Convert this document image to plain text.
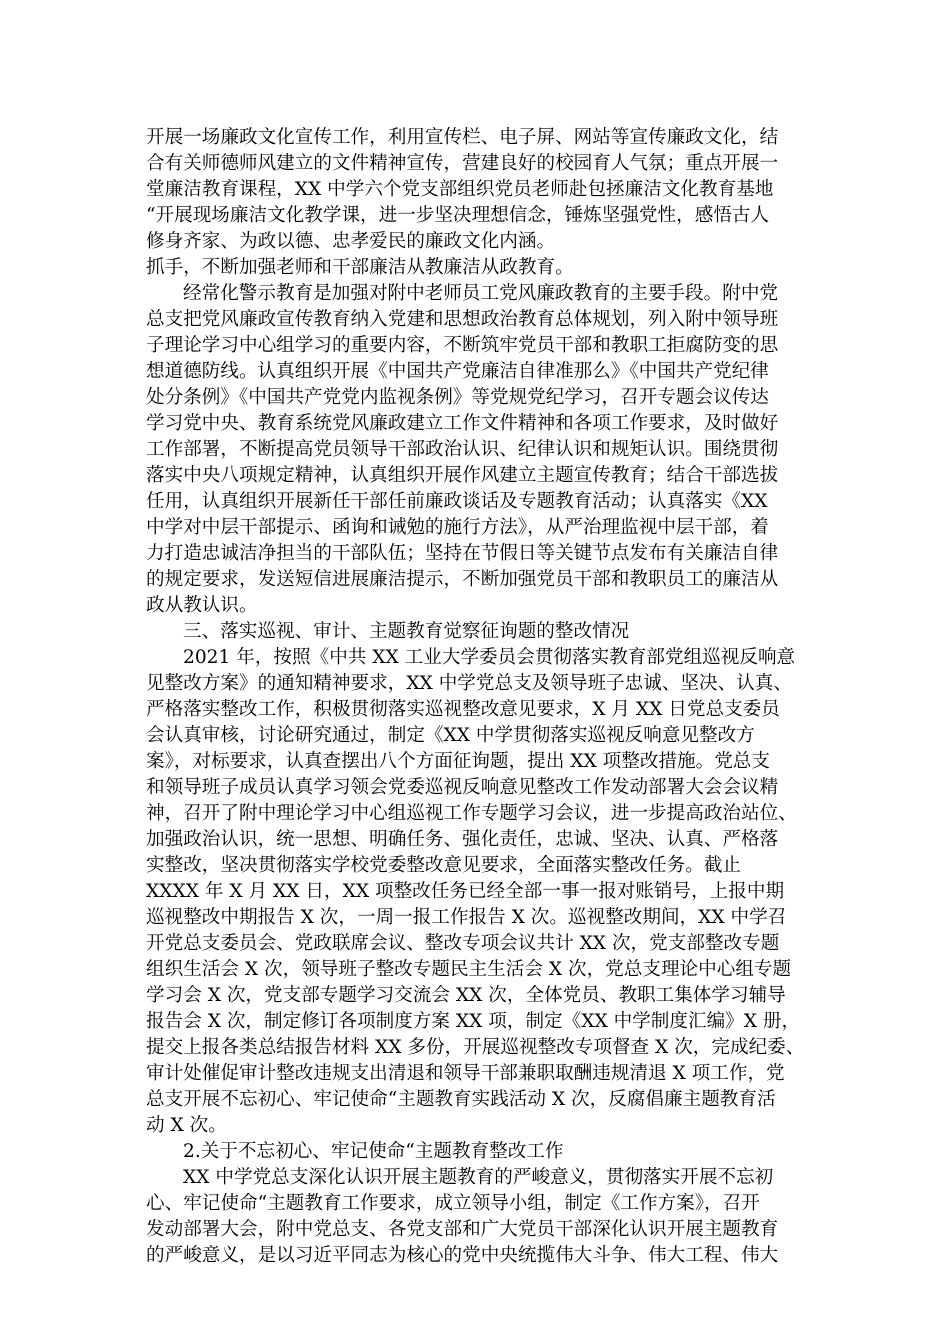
开展一场廉政文化宣传工作，利用宣传栏、电子屏、网站等宣传廉政文化，结
合有关师德师风建立的文件精神宣传，营建良好的校园育人气氛；重点开展一
堂廉洁教育课程，XX 中学六个党支部组织党员老师赴包拯廉洁文化教育基地
“开展现场廉洁文化教学课，进一步坚决理想信念，锤炼坚强党性，感悟古人
修身齐家、为政以德、忠孝爱民的廉政文化内涵。
抓手，不断加强老师和干部廉洁从教廉洁从政教育。
经常化警示教育是加强对附中老师员工党风廉政教育的主要手段。附中党
总支把党风廉政宣传教育纳入党建和思想政治教育总体规划，列入附中领导班
子理论学习中心组学习的重要内容，不断筑牢党员干部和教职工拒腐防变的思
想道德防线。认真组织开展《中国共产党廉洁自律准那么》《中国共产党纪律
处分条例》《中国共产党党内监视条例》等党规党纪学习，召开专题会议传达
学习党中央、教育系统党风廉政建立工作文件精神和各项工作要求，及时做好
工作部署，不断提高党员领导干部政治认识、纪律认识和规矩认识。围绕贯彻
落实中央八项规定精神，认真组织开展作风建立主题宣传教育；结合干部选拔
任用，认真组织开展新任干部任前廉政谈话及专题教育活动；认真落实《XX
中学对中层干部提示、函询和诫勉的施行方法》，从严治理监视中层干部，着
力打造忠诚洁净担当的干部队伍；坚持在节假日等关键节点发布有关廉洁自律
的规定要求，发送短信进展廉洁提示，不断加强党员干部和教职员工的廉洁从
政从教认识。
三、落实巡视、审计、主题教育觉察征询题的整改情况
2021 年，按照《中共 XX 工业大学委员会贯彻落实教育部党组巡视反响意
见整改方案》的通知精神要求，XX 中学党总支及领导班子忠诚、坚决、认真、
严格落实整改工作，积极贯彻落实巡视整改意见要求，X 月 XX 日党总支委员
会认真审核，讨论研究通过，制定《XX 中学贯彻落实巡视反响意见整改方
案》，对标要求，认真查摆出八个方面征询题，提出 XX 项整改措施。党总支
和领导班子成员认真学习领会党委巡视反响意见整改工作发动部署大会会议精
神，召开了附中理论学习中心组巡视工作专题学习会议，进一步提高政治站位、
加强政治认识，统一思想、明确任务、强化责任，忠诚、坚决、认真、严格落
实整改，坚决贯彻落实学校党委整改意见要求，全面落实整改任务。截止
XXXX 年 X 月 XX 日，XX 项整改任务已经全部一事一报对账销号，上报中期
巡视整改中期报告 X 次，一周一报工作报告 X 次。巡视整改期间，XX 中学召
开党总支委员会、党政联席会议、整改专项会议共计 XX 次，党支部整改专题
组织生活会 X 次，领导班子整改专题民主生活会 X 次，党总支理论中心组专题
学习会 X 次，党支部专题学习交流会 XX 次，全体党员、教职工集体学习辅导
报告会 X 次，制定修订各项制度方案 XX 项，制定《XX 中学制度汇编》X 册，
提交上报各类总结报告材料 XX 多份，开展巡视整改专项督查 X 次，完成纪委、
审计处催促审计整改违规支出清退和领导干部兼职取酬违规清退 X 项工作，党
总支开展不忘初心、牢记使命“主题教育实践活动 X 次，反腐倡廉主题教育活
动 X 次。
2.关于不忘初心、牢记使命“主题教育整改工作
XX 中学党总支深化认识开展主题教育的严峻意义，贯彻落实开展不忘初
心、牢记使命“主题教育工作要求，成立领导小组，制定《工作方案》，召开
发动部署大会，附中党总支、各党支部和广大党员干部深化认识开展主题教育
的严峻意义，是以习近平同志为核心的党中央统揽伟大斗争、伟大工程、伟大
